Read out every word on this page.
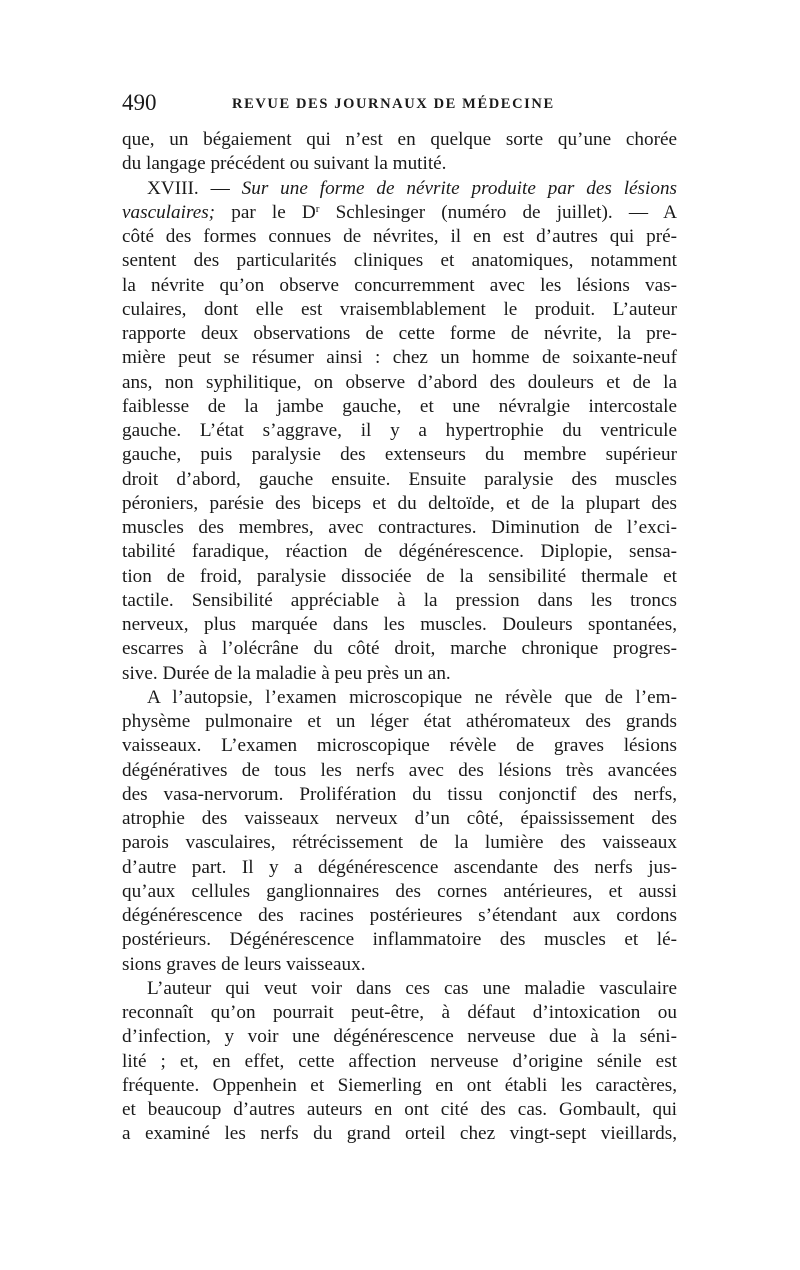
490	REVUE DES JOURNAUX DE MÉDECINE
que, un bégaiement qui n’est en quelque sorte qu’une chorée
du langage précédent ou suivant la mutité.
XVIII. — Sur une forme de névrite produite par des lésions
vasculaires; par le $D^r$ Schlesinger (numéro de juillet). — A
côté des formes connues de névrites, il en est d’autres qui pré-
sentent des particularités cliniques et anatomiques, notamment
la névrite qu’on observe concurremment avec les lésions vas-
culaires, dont elle est vraisemblablement le produit. L’auteur
rapporte deux observations de cette forme de névrite, la pre-
mière peut se résumer ainsi : chez un homme de soixante-neuf
ans, non syphilitique, on observe d’abord des douleurs et de la
faiblesse de la jambe gauche, et une névralgie intercostale
gauche. L’état s’aggrave, il y a hypertrophie du ventricule
gauche, puis paralysie des extenseurs du membre supérieur
droit d’abord, gauche ensuite. Ensuite paralysie des muscles
péroniers, parésie des biceps et du deltoïde, et de la plupart des
muscles des membres, avec contractures. Diminution de l’exci-
tabilité faradique, réaction de dégénérescence. Diplopie, sensa-
tion de froid, paralysie dissociée de la sensibilité thermale et
tactile. Sensibilité appréciable à la pression dans les troncs
nerveux, plus marquée dans les muscles. Douleurs spontanées,
escarres à l’olécrâne du côté droit, marche chronique progres-
sive. Durée de la maladie à peu près un an.
A l’autopsie, l’examen microscopique ne révèle que de l’em-
physème pulmonaire et un léger état athéromateux des grands
vaisseaux. L’examen microscopique révèle de graves lésions
dégénératives de tous les nerfs avec des lésions très avancées
des vasa-nervorum. Prolifération du tissu conjonctif des nerfs,
atrophie des vaisseaux nerveux d’un côté, épaississement des
parois vasculaires, rétrécissement de la lumière des vaisseaux
d’autre part. Il y a dégénérescence ascendante des nerfs jus-
qu’aux cellules ganglionnaires des cornes antérieures, et aussi
dégénérescence des racines postérieures s’étendant aux cordons
postérieurs. Dégénérescence inflammatoire des muscles et lé-
sions graves de leurs vaisseaux.
L’auteur qui veut voir dans ces cas une maladie vasculaire
reconnaît qu’on pourrait peut-être, à défaut d’intoxication ou
d’infection, y voir une dégénérescence nerveuse due à la séni-
lité ; et, en effet, cette affection nerveuse d’origine sénile est
fréquente. Oppenhein et Siemerling en ont établi les caractères,
et beaucoup d’autres auteurs en ont cité des cas. Gombault, qui
a examiné les nerfs du grand orteil chez vingt-sept vieillards,
